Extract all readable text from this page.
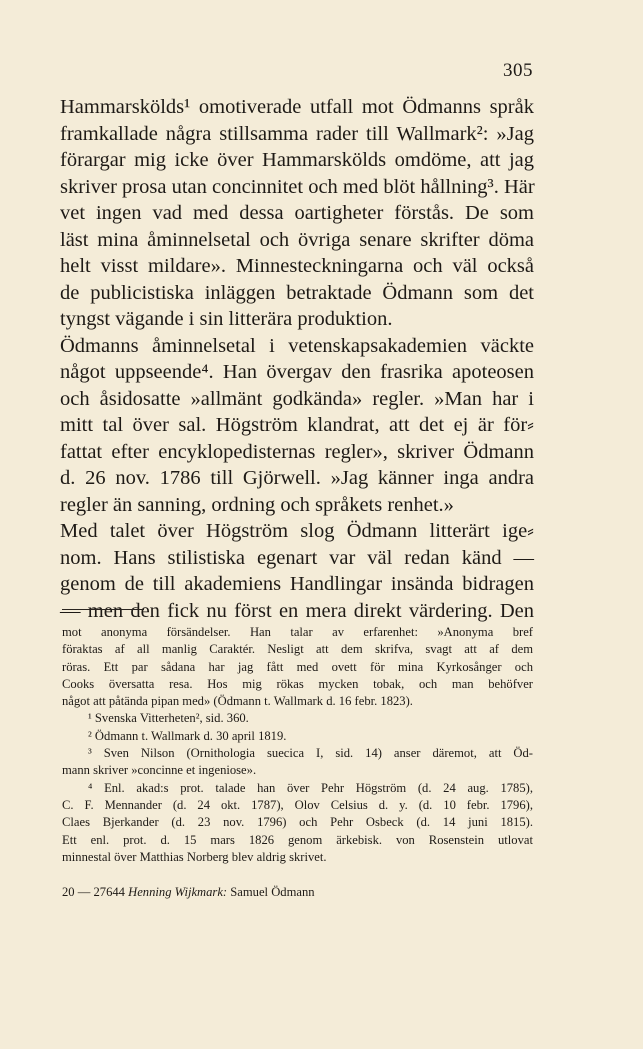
305
Hammarskölds¹ omotiverade utfall mot Ödmanns språk
framkallade några stillsamma rader till Wallmark²: »Jag
förargar mig icke över Hammarskölds omdöme, att jag
skriver prosa utan concinnitet och med blöt hållning³. Här
vet ingen vad med dessa oartigheter förstås. De som
läst mina åminnelsetal och övriga senare skrifter döma
helt visst mildare». Minnesteckningarna och väl också
de publicistiska inläggen betraktade Ödmann som det
tyngst vägande i sin litterära produktion.
Ödmanns åminnelsetal i vetenskapsakademien väckte
något uppseende⁴. Han övergav den frasrika apoteosen
och åsidosatte »allmänt godkända» regler. »Man har i
mitt tal över sal. Högström klandrat, att det ej är för⸗
fattat efter encyklopedisternas regler», skriver Ödmann
d. 26 nov. 1786 till Gjörwell. »Jag känner inga andra
regler än sanning, ordning och språkets renhet.»
Med talet över Högström slog Ödmann litterärt ige⸗
nom. Hans stilistiska egenart var väl redan känd —
genom de till akademiens Handlingar insända bidragen
— men den fick nu först en mera direkt värdering. Den
mot anonyma försändelser. Han talar av erfarenhet: »Anonyma bref
föraktas af all manlig Caraktér. Nesligt att dem skrifva, svagt att af dem
röras. Ett par sådana har jag fått med ovett för mina Kyrkosånger och
Cooks översatta resa. Hos mig rökas mycken tobak, och man behöfver
något att påtända pipan med» (Ödmann t. Wallmark d. 16 febr. 1823).
¹ Svenska Vitterheten², sid. 360.
² Ödmann t. Wallmark d. 30 april 1819.
³ Sven Nilson (Ornithologia suecica I, sid. 14) anser däremot, att Öd-
mann skriver »concinne et ingeniose».
⁴ Enl. akad:s prot. talade han över Pehr Högström (d. 24 aug. 1785),
C. F. Mennander (d. 24 okt. 1787), Olov Celsius d. y. (d. 10 febr. 1796),
Claes Bjerkander (d. 23 nov. 1796) och Pehr Osbeck (d. 14 juni 1815).
Ett enl. prot. d. 15 mars 1826 genom ärkebisk. von Rosenstein utlovat
minnestal över Matthias Norberg blev aldrig skrivet.
20 — 27644 Henning Wijkmark: Samuel Ödmann
